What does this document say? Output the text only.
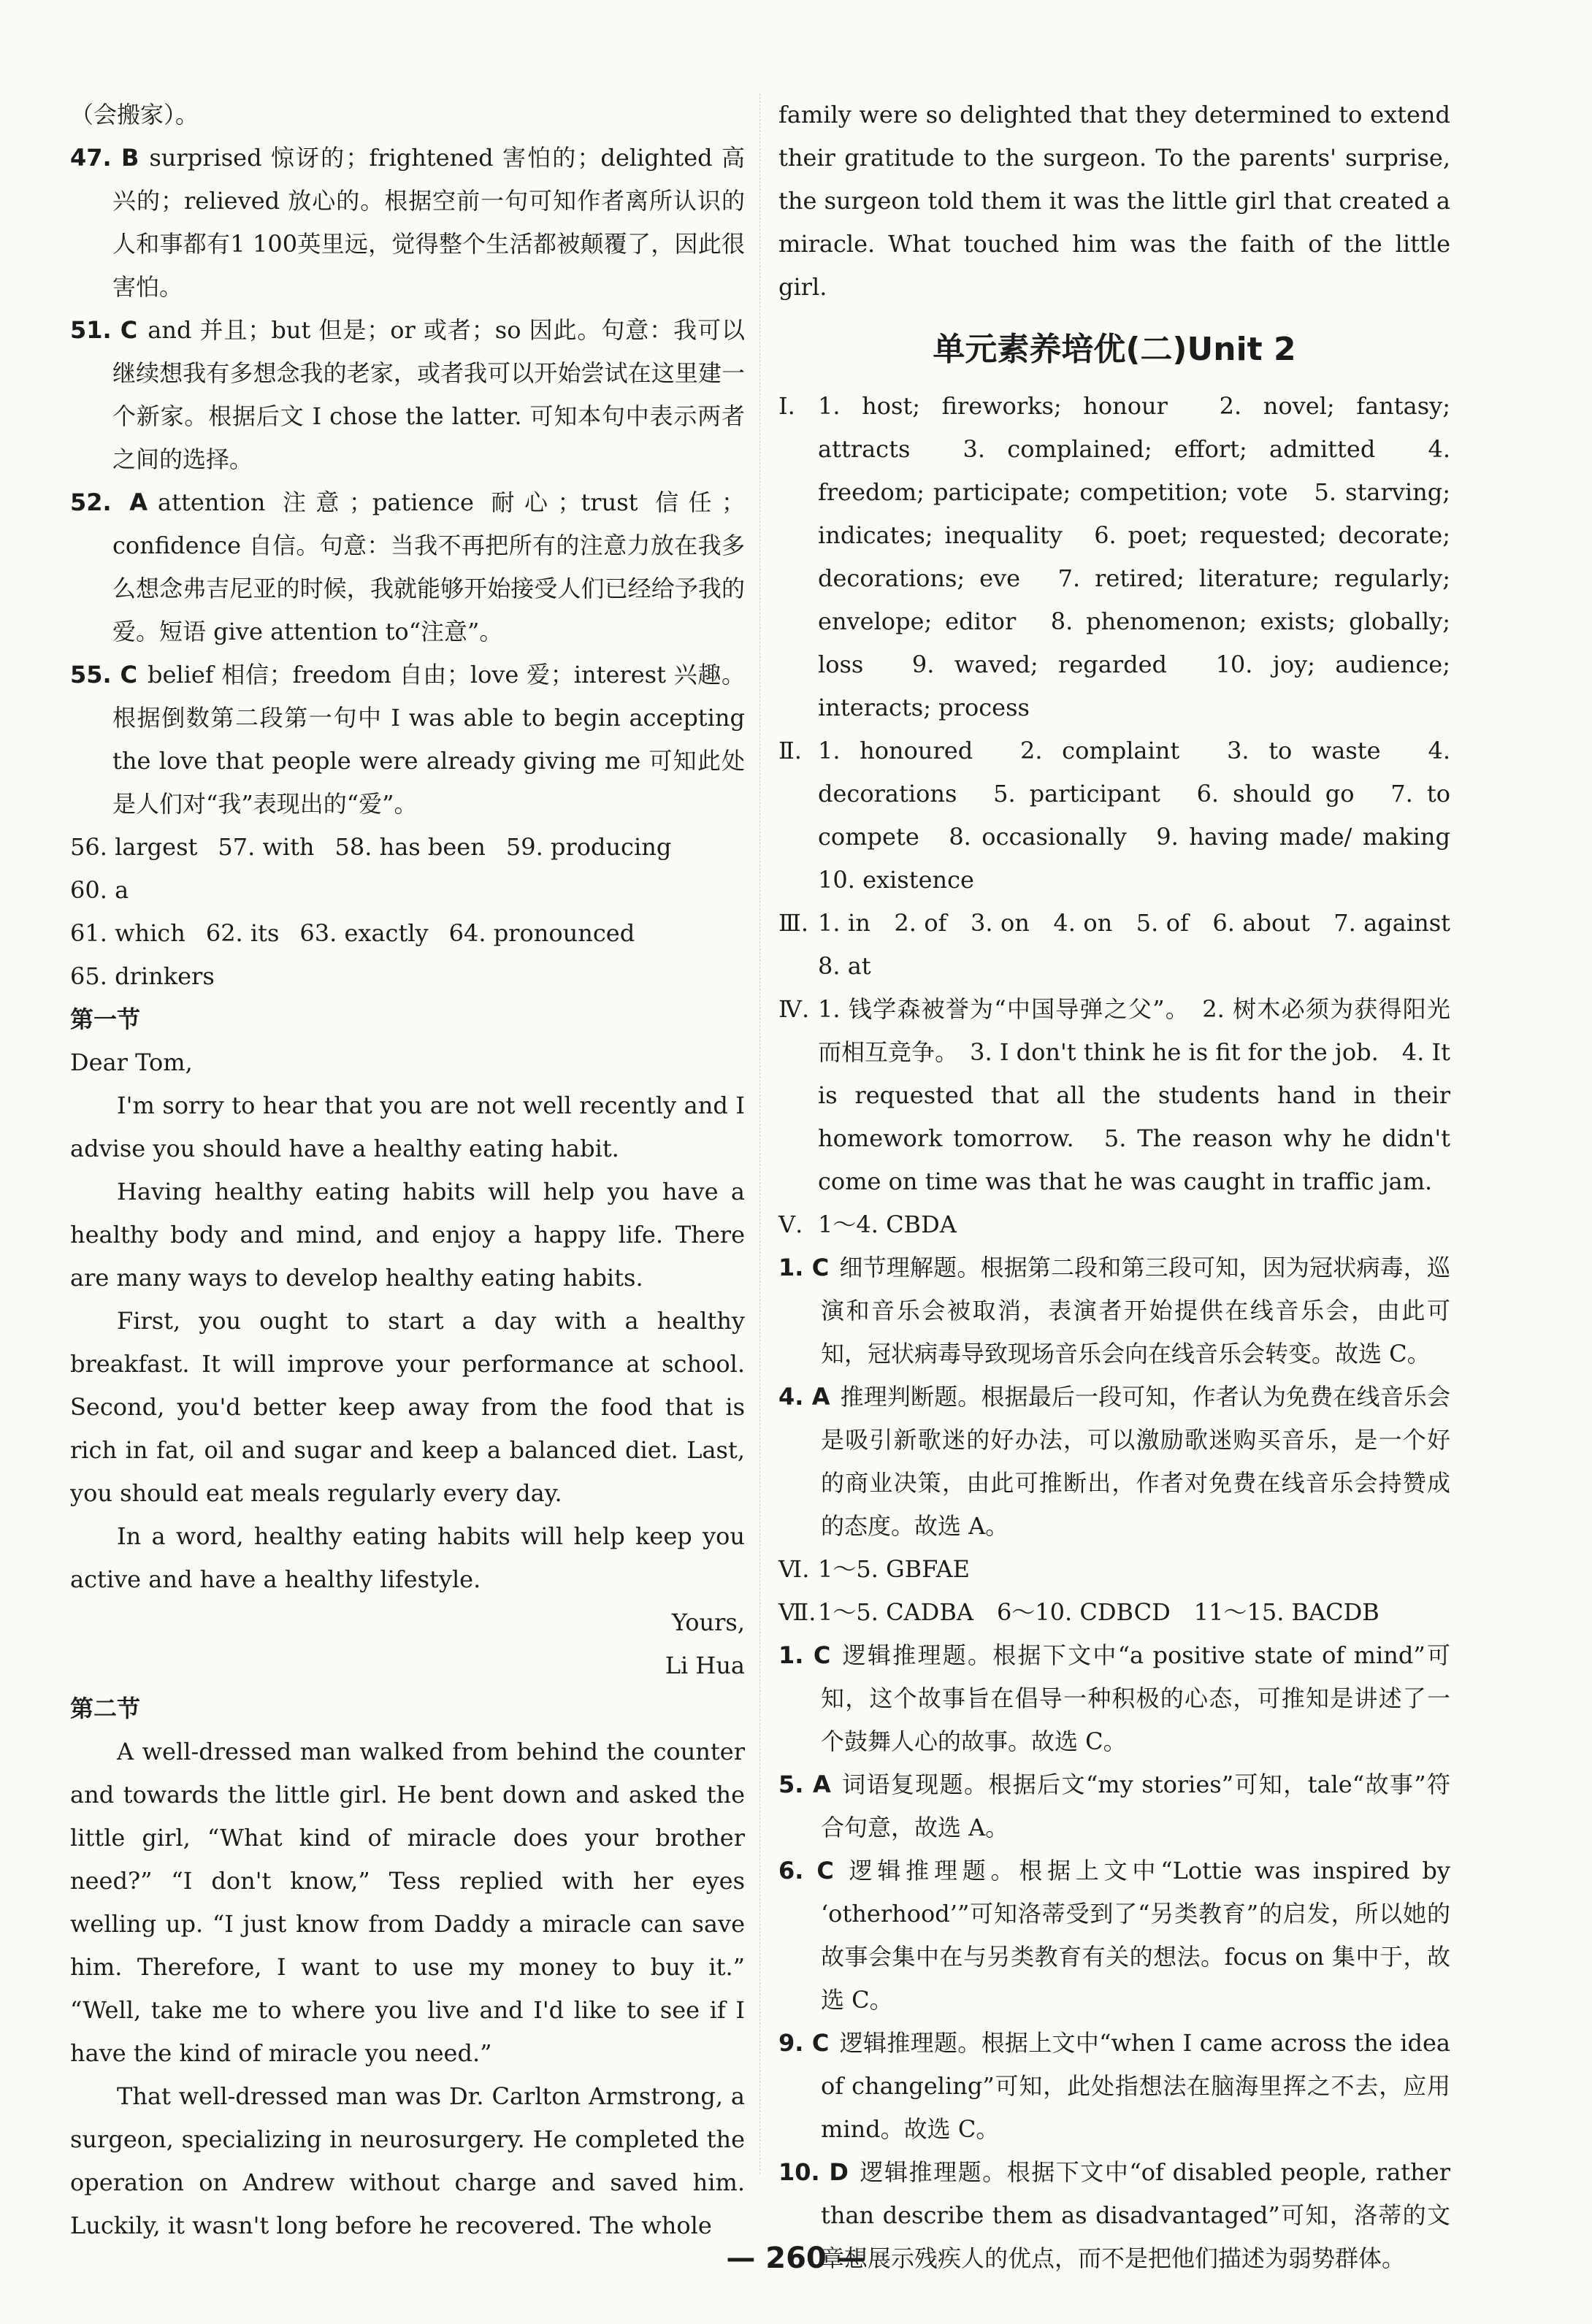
（会搬家）。

47. B surprised 惊讶的；frightened 害怕的；delighted 高兴的；relieved 放心的。根据空前一句可知作者离所认识的人和事都有1 100英里远，觉得整个生活都被颠覆了，因此很害怕。

51. C and 并且；but 但是；or 或者；so 因此。句意：我可以继续想我有多想念我的老家，或者我可以开始尝试在这里建一个新家。根据后文 I chose the latter. 可知本句中表示两者之间的选择。

52. A attention 注意；patience 耐心；trust 信任；confidence 自信。句意：当我不再把所有的注意力放在我多么想念弗吉尼亚的时候，我就能够开始接受人们已经给予我的爱。短语 give attention to“注意”。

55. C belief 相信；freedom 自由；love 爱；interest 兴趣。根据倒数第二段第一句中 I was able to begin accepting the love that people were already giving me 可知此处是人们对“我”表现出的“爱”。

56. largest 57. with 58. has been 59. producing60. a

61. which 62. its 63. exactly 64. pronounced

65. drinkers

第一节

Dear Tom,

I'm sorry to hear that you are not well recently and I advise you should have a healthy eating habit.

Having healthy eating habits will help you have a healthy body and mind, and enjoy a happy life. There are many ways to develop healthy eating habits.

First, you ought to start a day with a healthy breakfast. It will improve your performance at school. Second, you'd better keep away from the food that is rich in fat, oil and sugar and keep a balanced diet. Last, you should eat meals regularly every day.

In a word, healthy eating habits will help keep you active and have a healthy lifestyle.

Yours,

Li Hua

第二节

A well-dressed man walked from behind the counter and towards the little girl. He bent down and asked the little girl, “What kind of miracle does your brother need?” “I don't know,” Tess replied with her eyes welling up. “I just know from Daddy a miracle can save him. Therefore, I want to use my money to buy it.” “Well, take me to where you live and I'd like to see if I have the kind of miracle you need.”

That well-dressed man was Dr. Carlton Armstrong, a surgeon, specializing in neurosurgery. He completed the operation on Andrew without charge and saved him. Luckily, it wasn't long before he recovered. The whole

family were so delighted that they determined to extend their gratitude to the surgeon. To the parents' surprise, the surgeon told them it was the little girl that created a miracle. What touched him was the faith of the little girl.

单元素养培优(二)Unit 2

Ⅰ. 1. host; fireworks; honour　2. novel; fantasy; attracts　3. complained; effort; admitted　4. freedom; participate; competition; vote　5. starving; indicates; inequality　6. poet; requested; decorate; decorations; eve　7. retired; literature; regularly; envelope; editor　8. phenomenon; exists; globally; loss　9. waved; regarded　10. joy; audience; interacts; process

Ⅱ. 1. honoured　2. complaint　3. to waste　4. decorations　5. participant　6. should go　7. to compete　8. occasionally　9. having made/ making　10. existence

Ⅲ. 1. in　2. of　3. on　4. on　5. of　6. about　7. against　8. at

Ⅳ. 1. 钱学森被誉为“中国导弹之父”。　2. 树木必须为获得阳光而相互竞争。　3. I don't think he is fit for the job.　4. It is requested that all the students hand in their homework tomorrow.　5. The reason why he didn't come on time was that he was caught in traffic jam.

Ⅴ. 1～4. CBDA

1. C 细节理解题。根据第二段和第三段可知，因为冠状病毒，巡演和音乐会被取消，表演者开始提供在线音乐会，由此可知，冠状病毒导致现场音乐会向在线音乐会转变。故选 C。

4. A 推理判断题。根据最后一段可知，作者认为免费在线音乐会是吸引新歌迷的好办法，可以激励歌迷购买音乐，是一个好的商业决策，由此可推断出，作者对免费在线音乐会持赞成的态度。故选 A。

Ⅵ. 1～5. GBFAE

Ⅶ.1～5. CADBA　6～10. CDBCD　11～15. BACDB

1. C 逻辑推理题。根据下文中“a positive state of mind”可知，这个故事旨在倡导一种积极的心态，可推知是讲述了一个鼓舞人心的故事。故选 C。

5. A 词语复现题。根据后文“my stories”可知，tale“故事”符合句意，故选 A。

6. C 逻辑推理题。根据上文中“Lottie was inspired by ‘otherhood’”可知洛蒂受到了“另类教育”的启发，所以她的故事会集中在与另类教育有关的想法。focus on 集中于，故选 C。

9. C 逻辑推理题。根据上文中“when I came across the idea of changeling”可知，此处指想法在脑海里挥之不去，应用 mind。故选 C。

10. D 逻辑推理题。根据下文中“of disabled people, rather than describe them as disadvantaged”可知，洛蒂的文章想展示残疾人的优点，而不是把他们描述为弱势群体。

— 260 —
